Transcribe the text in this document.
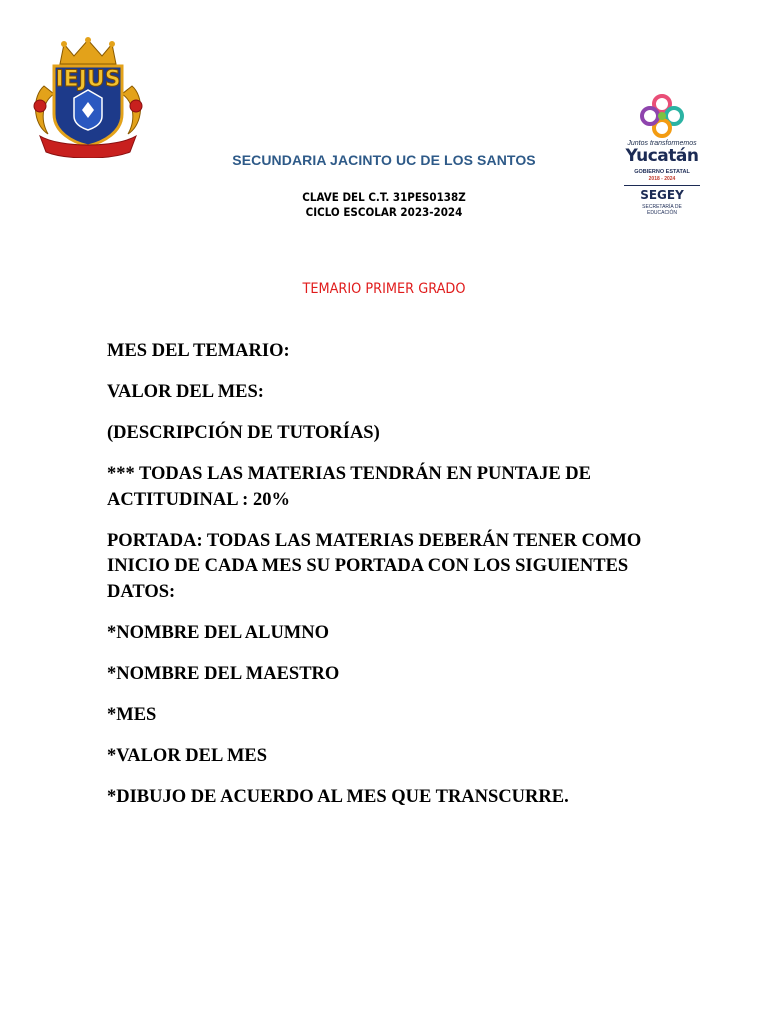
IEJUS
Juntos transformemos
Yucatán
GOBIERNO ESTATAL
2018 - 2024
SEGEY
SECRETARÍA DE EDUCACIÓN
SECUNDARIA JACINTO UC DE LOS SANTOS
CLAVE DEL C.T. 31PES0138Z
CICLO ESCOLAR 2023-2024
TEMARIO PRIMER GRADO

MES DEL TEMARIO:

VALOR DEL MES:

(DESCRIPCIÓN DE TUTORÍAS)

*** TODAS LAS MATERIAS TENDRÁN EN PUNTAJE DE ACTITUDINAL : 20%

PORTADA: TODAS LAS MATERIAS DEBERÁN TENER COMO INICIO DE CADA MES SU PORTADA CON LOS SIGUIENTES DATOS:

*NOMBRE DEL ALUMNO

*NOMBRE DEL MAESTRO

*MES

*VALOR DEL MES

*DIBUJO DE ACUERDO AL MES QUE TRANSCURRE.
